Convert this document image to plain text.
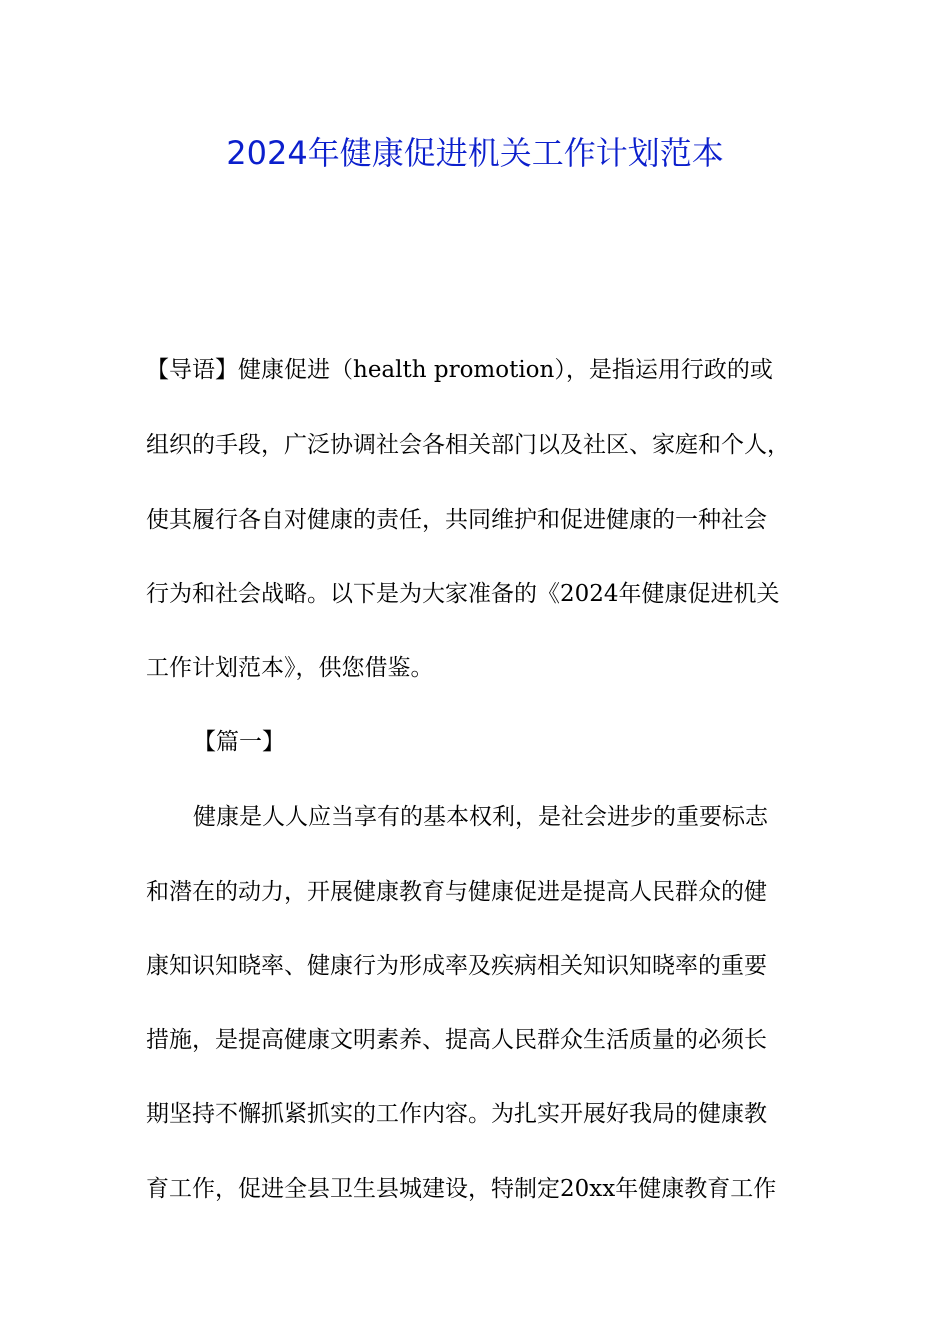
2024年健康促进机关工作计划范本

【导语】健康促进（health promotion），是指运用行政的或

组织的手段，广泛协调社会各相关部门以及社区、家庭和个人，

使其履行各自对健康的责任，共同维护和促进健康的一种社会

行为和社会战略。以下是为大家准备的《2024年健康促进机关

工作计划范本》，供您借鉴。

【篇一】

健康是人人应当享有的基本权利，是社会进步的重要标志

和潜在的动力，开展健康教育与健康促进是提高人民群众的健

康知识知晓率、健康行为形成率及疾病相关知识知晓率的重要

措施，是提高健康文明素养、提高人民群众生活质量的必须长

期坚持不懈抓紧抓实的工作内容。为扎实开展好我局的健康教

育工作，促进全县卫生县城建设，特制定20xx年健康教育工作
